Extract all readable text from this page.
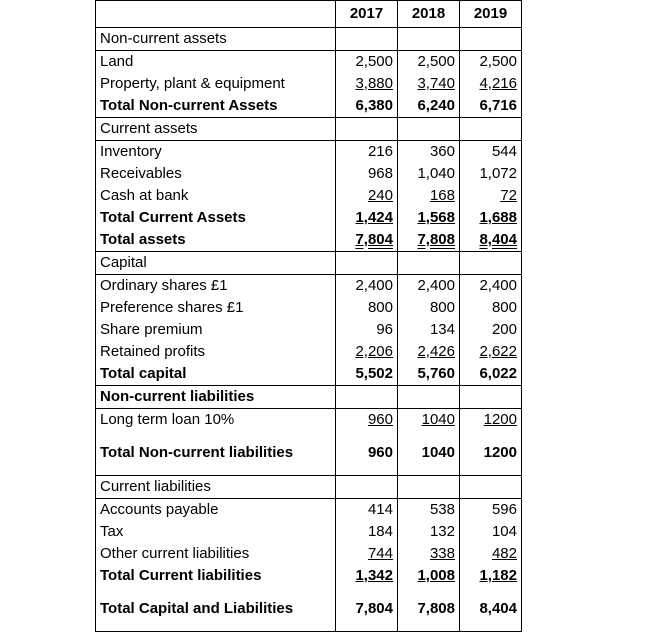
	2017	2018	2019
Non-current assets			
Land	2,500	2,500	2,500
Property, plant & equipment	3,880	3,740	4,216
Total Non-current Assets	6,380	6,240	6,716
Current assets			
Inventory	216	360	544
Receivables	968	1,040	1,072
Cash at bank	240	168	72
Total Current Assets	1,424	1,568	1,688
Total assets	7,804	7,808	8,404
Capital			
Ordinary shares £1	2,400	2,400	2,400
Preference shares £1	800	800	800
Share premium	96	134	200
Retained profits	2,206	2,426	2,622
Total capital	5,502	5,760	6,022
Non-current liabilities			
Long term loan 10%	960	1040	1200
Total Non-current liabilities	960	1040	1200
Current liabilities			
Accounts payable	414	538	596
Tax	184	132	104
Other current liabilities	744	338	482
Total Current liabilities	1,342	1,008	1,182
Total Capital and Liabilities	7,804	7,808	8,404
